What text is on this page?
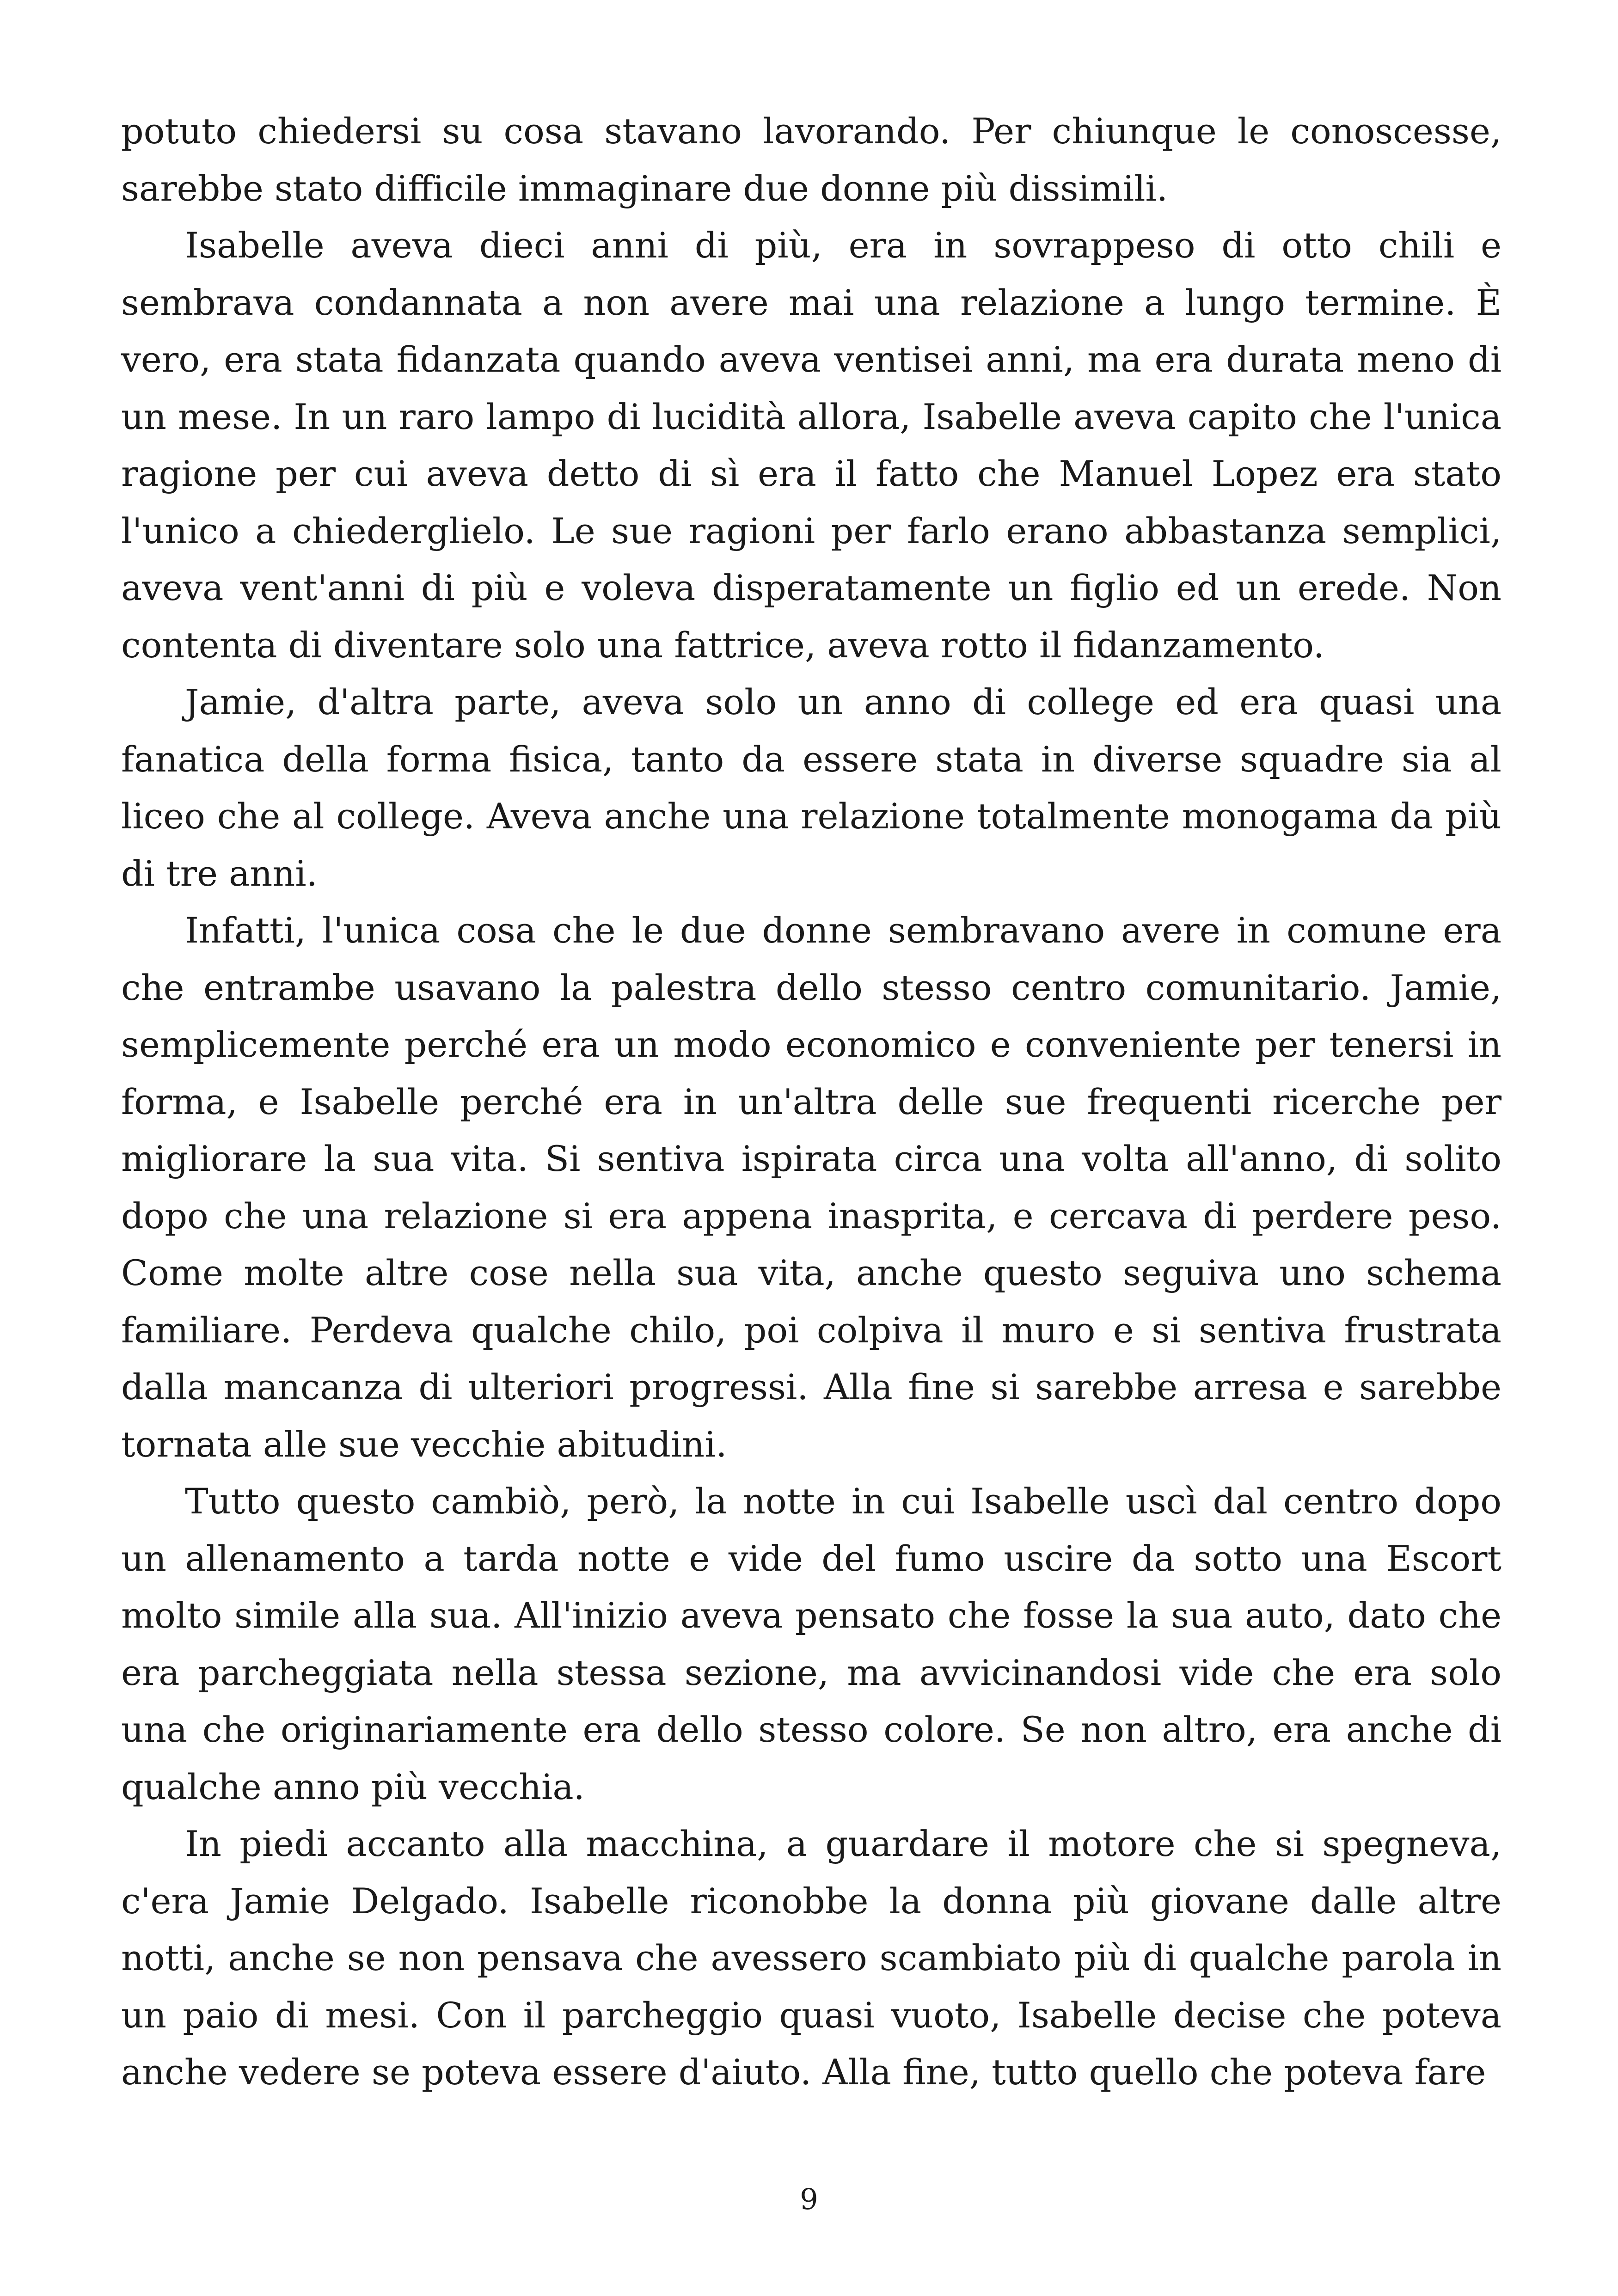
potuto chiedersi su cosa stavano lavorando. Per chiunque le conoscesse, sarebbe stato difficile immaginare due donne più dissimili.

Isabelle aveva dieci anni di più, era in sovrappeso di otto chili e sembrava condannata a non avere mai una relazione a lungo termine. È vero, era stata fidanzata quando aveva ventisei anni, ma era durata meno di un mese. In un raro lampo di lucidità allora, Isabelle aveva capito che l'unica ragione per cui aveva detto di sì era il fatto che Manuel Lopez era stato l'unico a chiederglielo. Le sue ragioni per farlo erano abbastanza semplici, aveva vent'anni di più e voleva disperatamente un figlio ed un erede. Non contenta di diventare solo una fattrice, aveva rotto il fidanzamento.

Jamie, d'altra parte, aveva solo un anno di college ed era quasi una fanatica della forma fisica, tanto da essere stata in diverse squadre sia al liceo che al college. Aveva anche una relazione totalmente monogama da più di tre anni.

Infatti, l'unica cosa che le due donne sembravano avere in comune era che entrambe usavano la palestra dello stesso centro comunitario. Jamie, semplicemente perché era un modo economico e conveniente per tenersi in forma, e Isabelle perché era in un'altra delle sue frequenti ricerche per migliorare la sua vita. Si sentiva ispirata circa una volta all'anno, di solito dopo che una relazione si era appena inasprita, e cercava di perdere peso. Come molte altre cose nella sua vita, anche questo seguiva uno schema familiare. Perdeva qualche chilo, poi colpiva il muro e si sentiva frustrata dalla mancanza di ulteriori progressi. Alla fine si sarebbe arresa e sarebbe tornata alle sue vecchie abitudini.

Tutto questo cambiò, però, la notte in cui Isabelle uscì dal centro dopo un allenamento a tarda notte e vide del fumo uscire da sotto una Escort molto simile alla sua. All'inizio aveva pensato che fosse la sua auto, dato che era parcheggiata nella stessa sezione, ma avvicinandosi vide che era solo una che originariamente era dello stesso colore. Se non altro, era anche di qualche anno più vecchia.

In piedi accanto alla macchina, a guardare il motore che si spegneva, c'era Jamie Delgado. Isabelle riconobbe la donna più giovane dalle altre notti, anche se non pensava che avessero scambiato più di qualche parola in un paio di mesi. Con il parcheggio quasi vuoto, Isabelle decise che poteva anche vedere se poteva essere d'aiuto. Alla fine, tutto quello che poteva fare

9
